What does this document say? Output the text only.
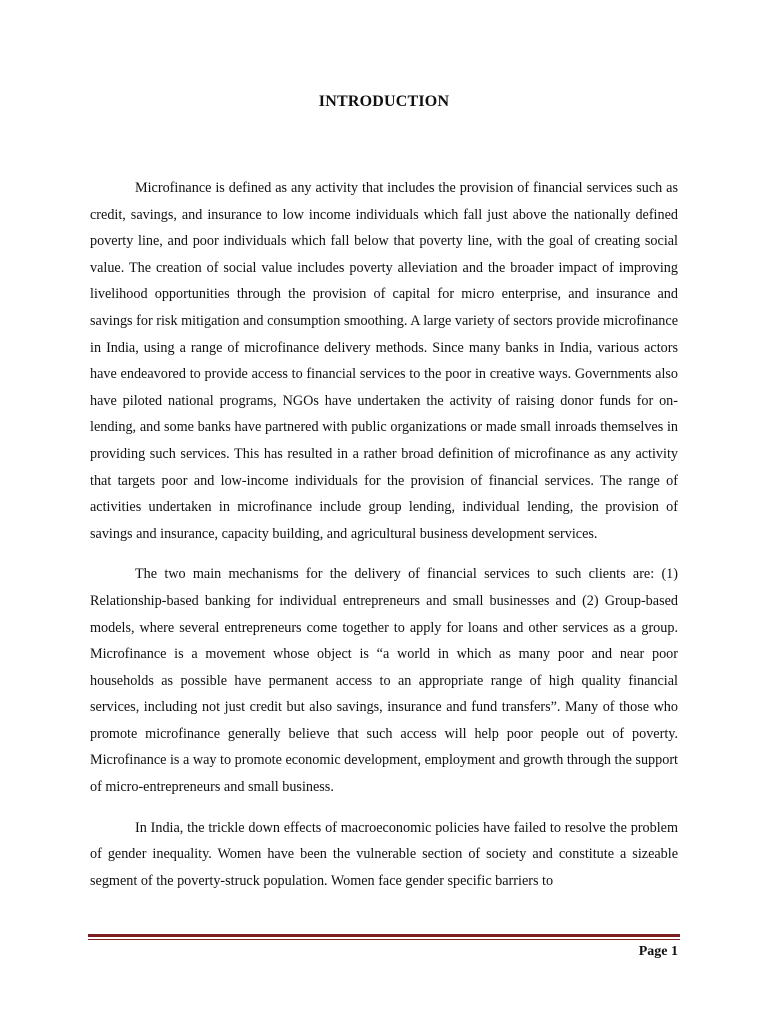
INTRODUCTION

Microfinance is defined as any activity that includes the provision of financial services such as credit, savings, and insurance to low income individuals which fall just above the nationally defined poverty line, and poor individuals which fall below that poverty line, with the goal of creating social value. The creation of social value includes poverty alleviation and the broader impact of improving livelihood opportunities through the provision of capital for micro enterprise, and insurance and savings for risk mitigation and consumption smoothing. A large variety of sectors provide microfinance in India, using a range of microfinance delivery methods. Since many banks in India, various actors have endeavored to provide access to financial services to the poor in creative ways. Governments also have piloted national programs, NGOs have undertaken the activity of raising donor funds for on-lending, and some banks have partnered with public organizations or made small inroads themselves in providing such services. This has resulted in a rather broad definition of microfinance as any activity that targets poor and low-income individuals for the provision of financial services. The range of activities undertaken in microfinance include group lending, individual lending, the provision of savings and insurance, capacity building, and agricultural business development services.

The two main mechanisms for the delivery of financial services to such clients are: (1) Relationship-based banking for individual entrepreneurs and small businesses and (2) Group-based models, where several entrepreneurs come together to apply for loans and other services as a group. Microfinance is a movement whose object is “a world in which as many poor and near poor households as possible have permanent access to an appropriate range of high quality financial services, including not just credit but also savings, insurance and fund transfers”. Many of those who promote microfinance generally believe that such access will help poor people out of poverty. Microfinance is a way to promote economic development, employment and growth through the support of micro-entrepreneurs and small business.

In India, the trickle down effects of macroeconomic policies have failed to resolve the problem of gender inequality. Women have been the vulnerable section of society and constitute a sizeable segment of the poverty-struck population. Women face gender specific barriers to

Page 1
